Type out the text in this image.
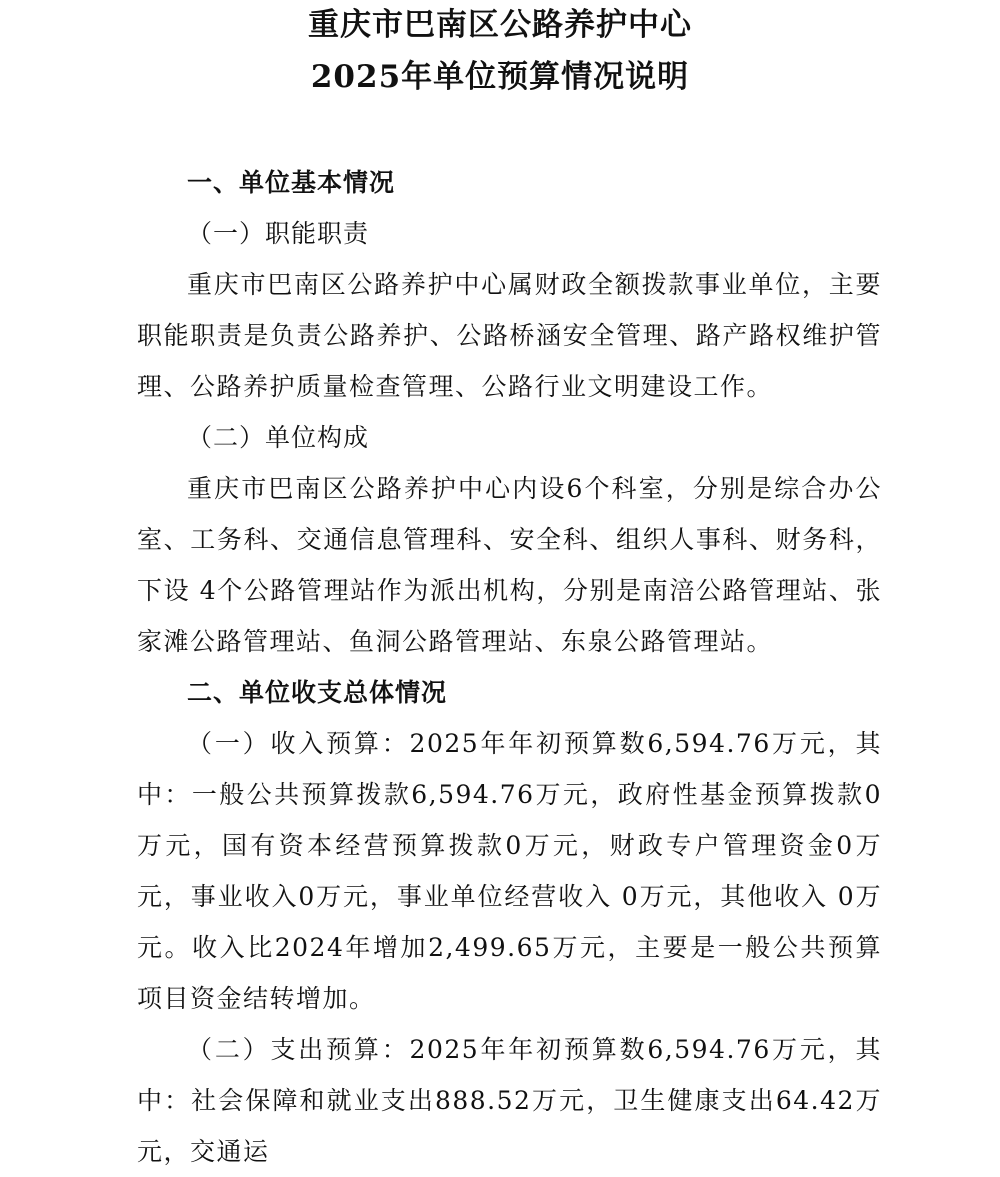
重庆市巴南区公路养护中心
2025年单位预算情况说明

一、单位基本情况

（一）职能职责

重庆市巴南区公路养护中心属财政全额拨款事业单位，主要职能职责是负责公路养护、公路桥涵安全管理、路产路权维护管理、公路养护质量检查管理、公路行业文明建设工作。

（二）单位构成

重庆市巴南区公路养护中心内设6个科室，分别是综合办公室、工务科、交通信息管理科、安全科、组织人事科、财务科，下设 4个公路管理站作为派出机构，分别是南涪公路管理站、张家滩公路管理站、鱼洞公路管理站、东泉公路管理站。

二、单位收支总体情况

（一）收入预算：2025年年初预算数6,594.76万元，其中：一般公共预算拨款6,594.76万元，政府性基金预算拨款0万元，国有资本经营预算拨款0万元，财政专户管理资金0万元，事业收入0万元，事业单位经营收入 0万元，其他收入 0万元。收入比2024年增加2,499.65万元，主要是一般公共预算项目资金结转增加。

（二）支出预算：2025年年初预算数6,594.76万元，其中：社会保障和就业支出888.52万元，卫生健康支出64.42万元，交通运
